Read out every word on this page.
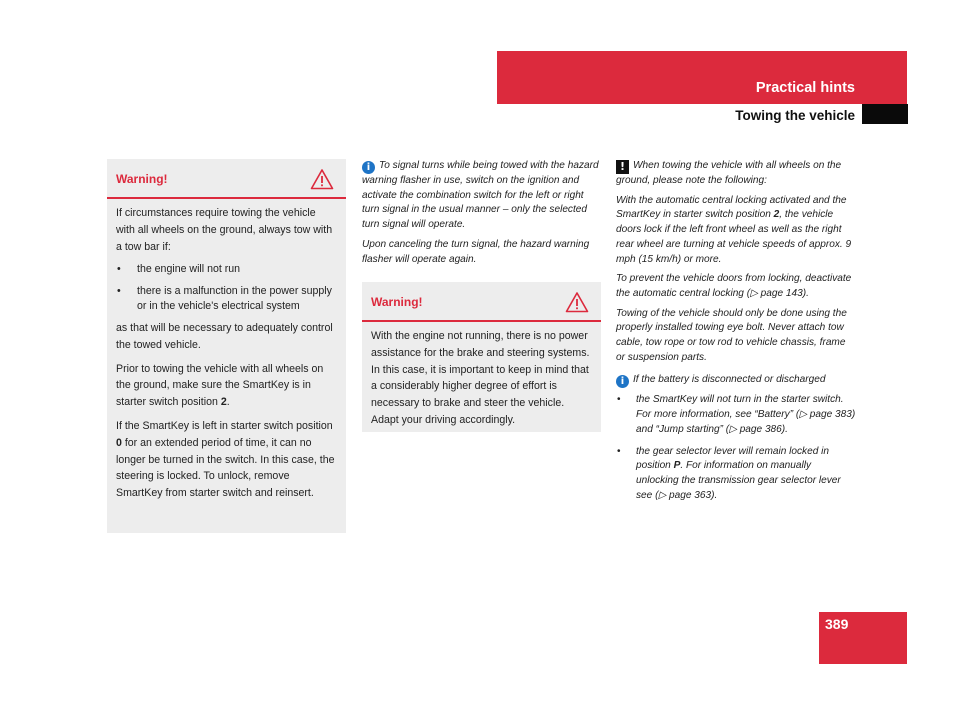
Practical hints
Towing the vehicle
Warning!

If circumstances require towing the vehicle with all wheels on the ground, always tow with a tow bar if:

• the engine will not run
• there is a malfunction in the power supply or in the vehicle's electrical system

as that will be necessary to adequately control the towed vehicle.

Prior to towing the vehicle with all wheels on the ground, make sure the SmartKey is in starter switch position 2.

If the SmartKey is left in starter switch position 0 for an extended period of time, it can no longer be turned in the switch. In this case, the steering is locked. To unlock, remove SmartKey from starter switch and reinsert.

i To signal turns while being towed with the hazard warning flasher in use, switch on the ignition and activate the combination switch for the left or right turn signal in the usual manner – only the selected turn signal will operate.

Upon canceling the turn signal, the hazard warning flasher will operate again.

Warning!

With the engine not running, there is no power assistance for the brake and steering systems. In this case, it is important to keep in mind that a considerably higher degree of effort is necessary to brake and steer the vehicle. Adapt your driving accordingly.

! When towing the vehicle with all wheels on the ground, please note the following:

With the automatic central locking activated and the SmartKey in starter switch position 2, the vehicle doors lock if the left front wheel as well as the right rear wheel are turning at vehicle speeds of approx. 9 mph (15 km/h) or more.

To prevent the vehicle doors from locking, deactivate the automatic central locking (▷ page 143).

Towing of the vehicle should only be done using the properly installed towing eye bolt. Never attach tow cable, tow rope or tow rod to vehicle chassis, frame or suspension parts.

i If the battery is disconnected or discharged

• the SmartKey will not turn in the starter switch. For more information, see “Battery” (▷ page 383) and “Jump starting” (▷ page 386).
• the gear selector lever will remain locked in position P. For information on manually unlocking the transmission gear selector lever see (▷ page 363).
389
